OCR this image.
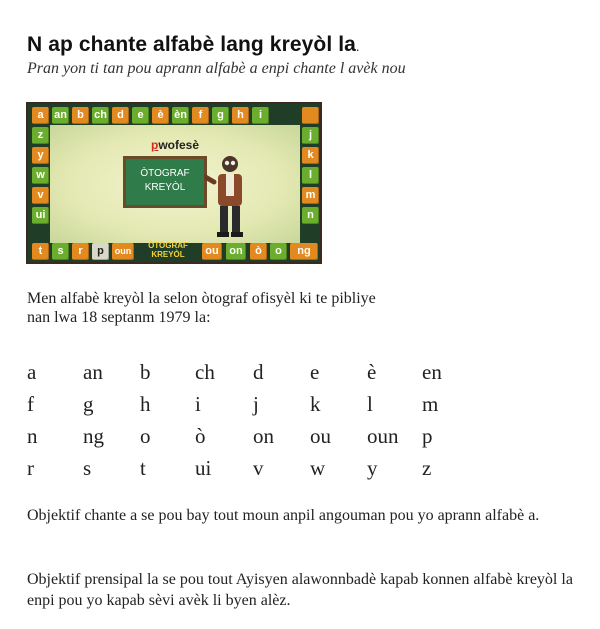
N ap chante alfabè lang kreyòl la.
Pran yon ti tan pou aprann alfabè a enpi chante l avèk nou
pwofesè
ÒTOGRAF
KREYÒL
a an b ch d	e	è èn	f	g	h	i
z
y
w
v
ui
j
k
l
m
n
t	s	r	p	oun
ÒTOGRAF
KREYÒL	ou on	ò	o	ng
Men alfabè kreyòl la selon òtograf ofisyèl ki te pibliye
nan lwa 18 septanm 1979 la:
a an b ch d e è en
f g h i j k l m
n ng o ò on ou oun p
r s t ui v w y z
Objektif chante a se pou bay tout moun anpil angouman pou yo aprann alfabè a.
Objektif prensipal la se pou tout Ayisyen alawonnbadè kapab konnen alfabè kreyòl la enpi pou yo kapab sèvi avèk li byen alèz.
